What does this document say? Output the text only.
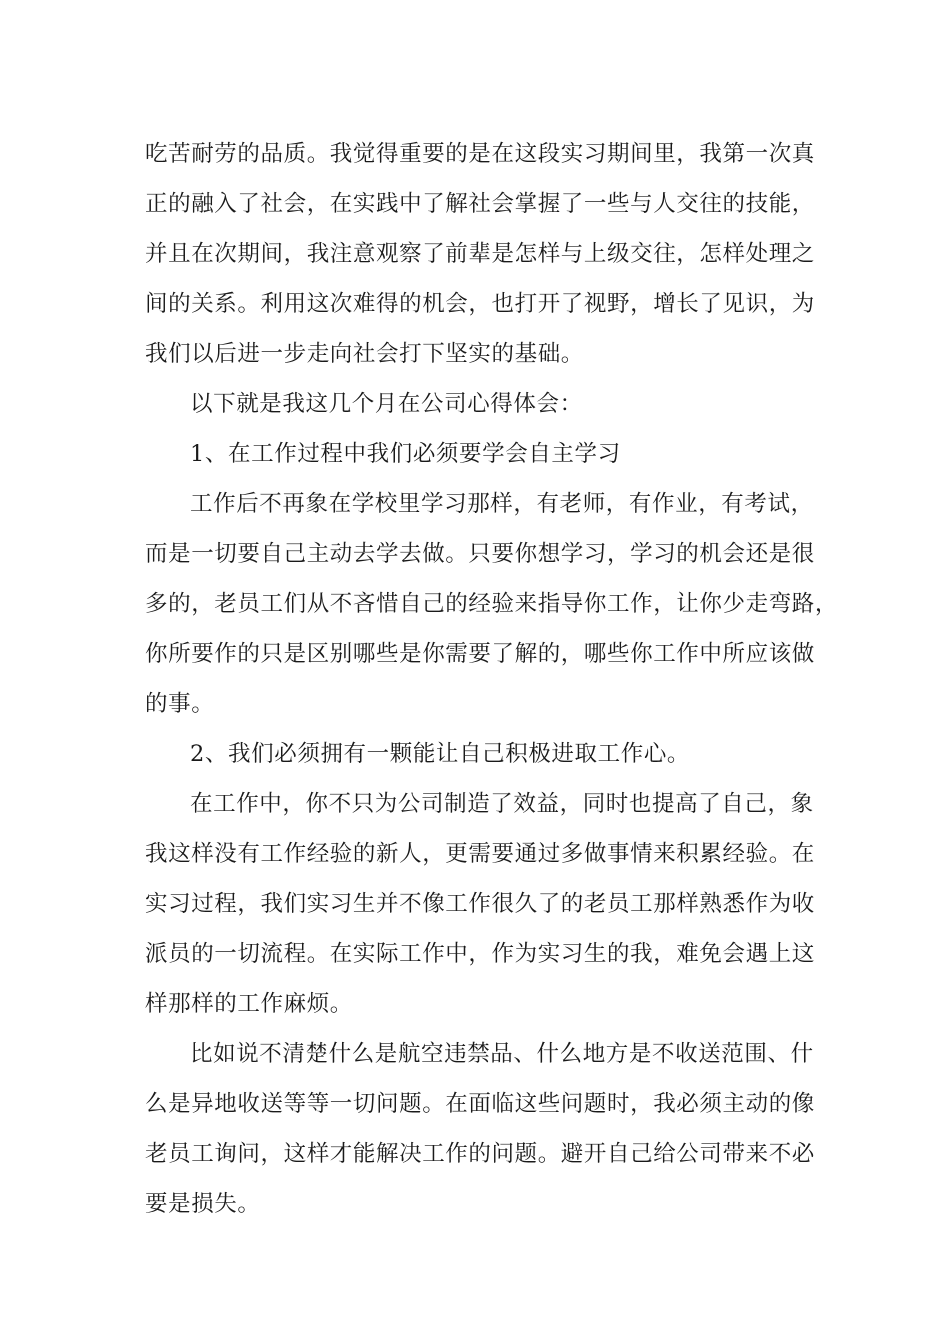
吃苦耐劳的品质。我觉得重要的是在这段实习期间里，我第一次真
正的融入了社会，在实践中了解社会掌握了一些与人交往的技能，
并且在次期间，我注意观察了前辈是怎样与上级交往，怎样处理之
间的关系。利用这次难得的机会，也打开了视野，增长了见识，为
我们以后进一步走向社会打下坚实的基础。
以下就是我这几个月在公司心得体会：
1、在工作过程中我们必须要学会自主学习
工作后不再象在学校里学习那样，有老师，有作业，有考试，
而是一切要自己主动去学去做。只要你想学习，学习的机会还是很
多的，老员工们从不吝惜自己的经验来指导你工作，让你少走弯路，
你所要作的只是区别哪些是你需要了解的，哪些你工作中所应该做
的事。
2、我们必须拥有一颗能让自己积极进取工作心。
在工作中，你不只为公司制造了效益，同时也提高了自己，象
我这样没有工作经验的新人，更需要通过多做事情来积累经验。在
实习过程，我们实习生并不像工作很久了的老员工那样熟悉作为收
派员的一切流程。在实际工作中，作为实习生的我，难免会遇上这
样那样的工作麻烦。
比如说不清楚什么是航空违禁品、什么地方是不收送范围、什
么是异地收送等等一切问题。在面临这些问题时，我必须主动的像
老员工询问，这样才能解决工作的问题。避开自己给公司带来不必
要是损失。
